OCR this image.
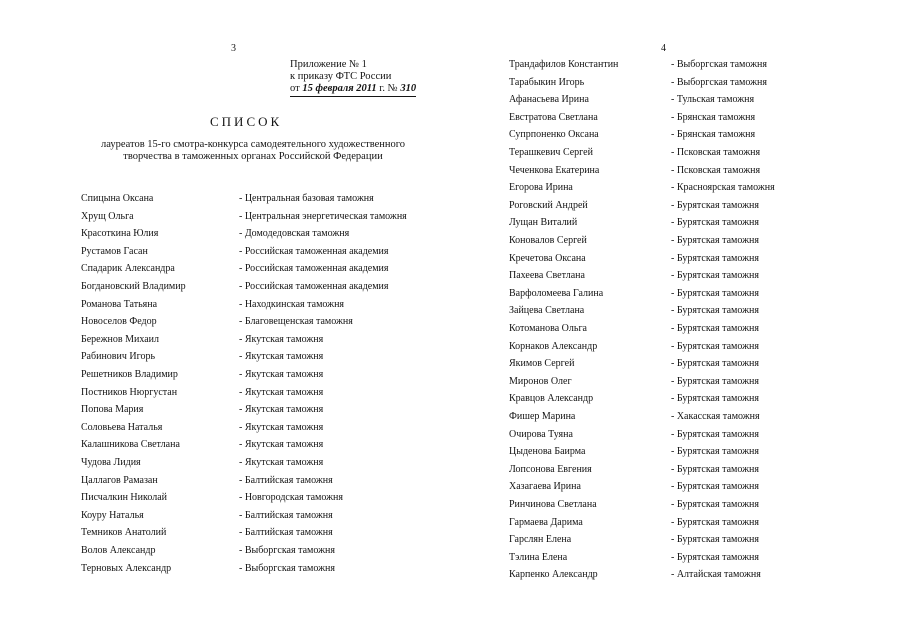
3	4
Приложение № 1
к приказу ФТС России
от 15 февраля 2011 г. № 310
СПИСОК
лауреатов 15-го смотра-конкурса самодеятельного художественного творчества в таможенных органах Российской Федерации
Спицына Оксана	- Центральная базовая таможня
Хрущ Ольга	- Центральная энергетическая таможня
Красоткина Юлия	- Домодедовская таможня
Рустамов Гасан	- Российская таможенная академия
Спадарик Александра	- Российская таможенная академия
Богдановский Владимир	- Российская таможенная академия
Романова Татьяна	- Находкинская таможня
Новоселов Федор	- Благовещенская таможня
Бережнов Михаил	- Якутская таможня
Рабинович Игорь	- Якутская таможня
Решетников Владимир	- Якутская таможня
Постников Нюргустан	- Якутская таможня
Попова Мария	- Якутская таможня
Соловьева Наталья	- Якутская таможня
Калашникова Светлана	- Якутская таможня
Чудова Лидия	- Якутская таможня
Цаллагов Рамазан	- Балтийская таможня
Писчалкин Николай	- Новгородская таможня
Коуру Наталья	- Балтийская таможня
Темников Анатолий	- Балтийская таможня
Волов Александр	- Выборгская таможня
Терновых Александр	- Выборгская таможня
Трандафилов Константин	- Выборгская таможня
Тарабыкин Игорь	- Выборгская таможня
Афанасьева Ирина	- Тульская таможня
Евстратова Светлана	- Брянская таможня
Супрпоненко Оксана	- Брянская таможня
Терашкевич Сергей	- Псковская таможня
Чеченкова Екатерина	- Псковская таможня
Егорова Ирина	- Красноярская таможня
Роговский Андрей	- Бурятская таможня
Лущан Виталий	- Бурятская таможня
Коновалов Сергей	- Бурятская таможня
Кречетова Оксана	- Бурятская таможня
Пахеева Светлана	- Бурятская таможня
Варфоломеева Галина	- Бурятская таможня
Зайцева Светлана	- Бурятская таможня
Котоманова Ольга	- Бурятская таможня
Корнаков Александр	- Бурятская таможня
Якимов Сергей	- Бурятская таможня
Миронов Олег	- Бурятская таможня
Кравцов Александр	- Бурятская таможня
Фишер Марина	- Хакасская таможня
Очирова Туяна	- Бурятская таможня
Цыденова Баирма	- Бурятская таможня
Лопсонова Евгения	- Бурятская таможня
Хазагаева Ирина	- Бурятская таможня
Ринчинова Светлана	- Бурятская таможня
Гармаева Дарима	- Бурятская таможня
Гарслян Елена	- Бурятская таможня
Тэлина Елена	- Бурятская таможня
Карпенко Александр	- Алтайская таможня
